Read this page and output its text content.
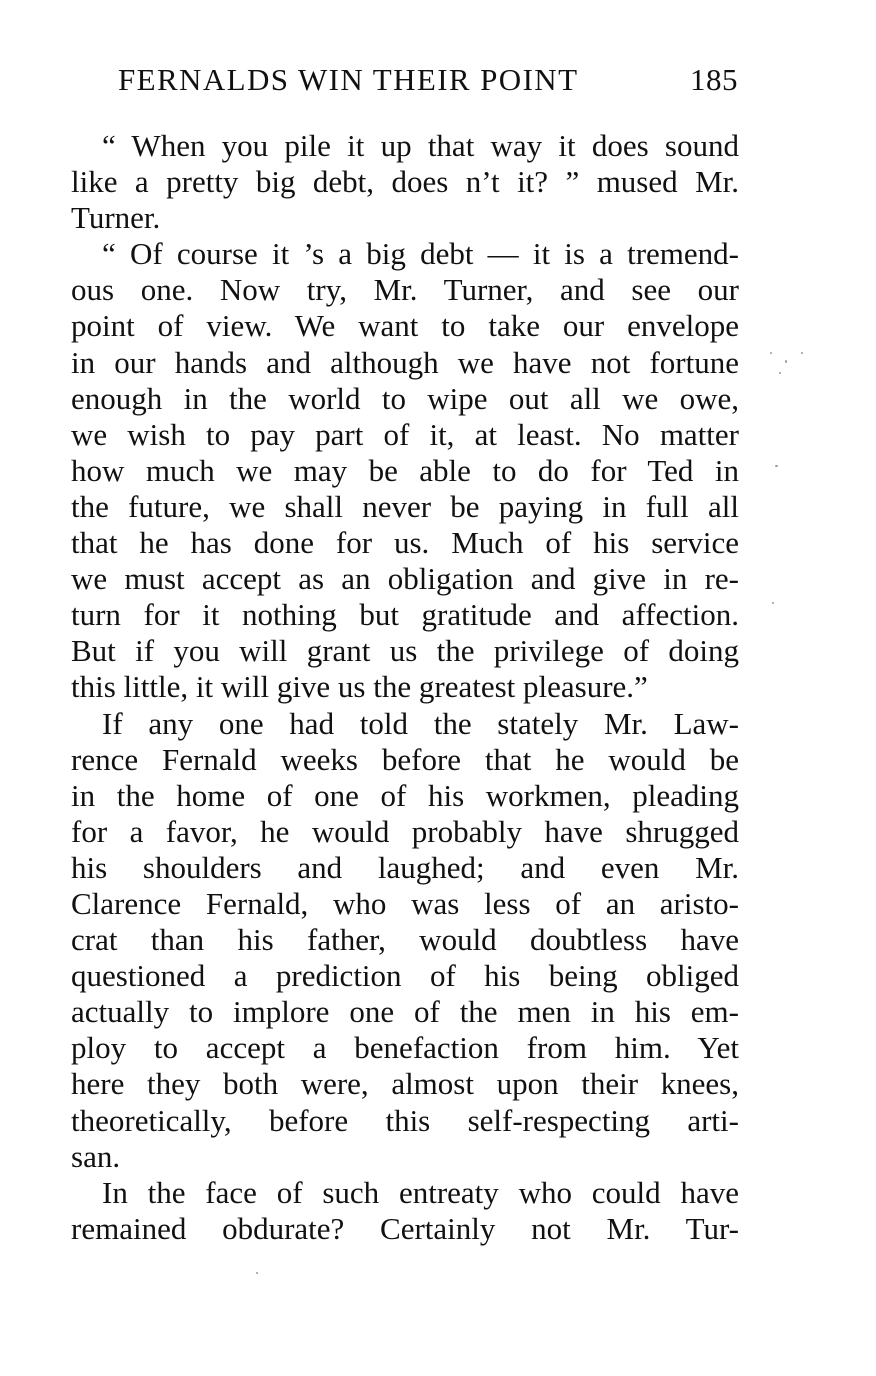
FERNALDS WIN THEIR POINT	185
“ When you pile it up that way it does sound
like a pretty big debt, does n’t it? ” mused Mr.
Turner.
“ Of course it ’s a big debt — it is a tremend-
ous one. Now try, Mr. Turner, and see our
point of view. We want to take our envelope
in our hands and although we have not fortune
enough in the world to wipe out all we owe,
we wish to pay part of it, at least. No matter
how much we may be able to do for Ted in
the future, we shall never be paying in full all
that he has done for us. Much of his service
we must accept as an obligation and give in re-
turn for it nothing but gratitude and affection.
But if you will grant us the privilege of doing
this little, it will give us the greatest pleasure.”
If any one had told the stately Mr. Law-
rence Fernald weeks before that he would be
in the home of one of his workmen, pleading
for a favor, he would probably have shrugged
his shoulders and laughed; and even Mr.
Clarence Fernald, who was less of an aristo-
crat than his father, would doubtless have
questioned a prediction of his being obliged
actually to implore one of the men in his em-
ploy to accept a benefaction from him. Yet
here they both were, almost upon their knees,
theoretically, before this self-respecting arti-
san.
In the face of such entreaty who could have
remained obdurate? Certainly not Mr. Tur-
